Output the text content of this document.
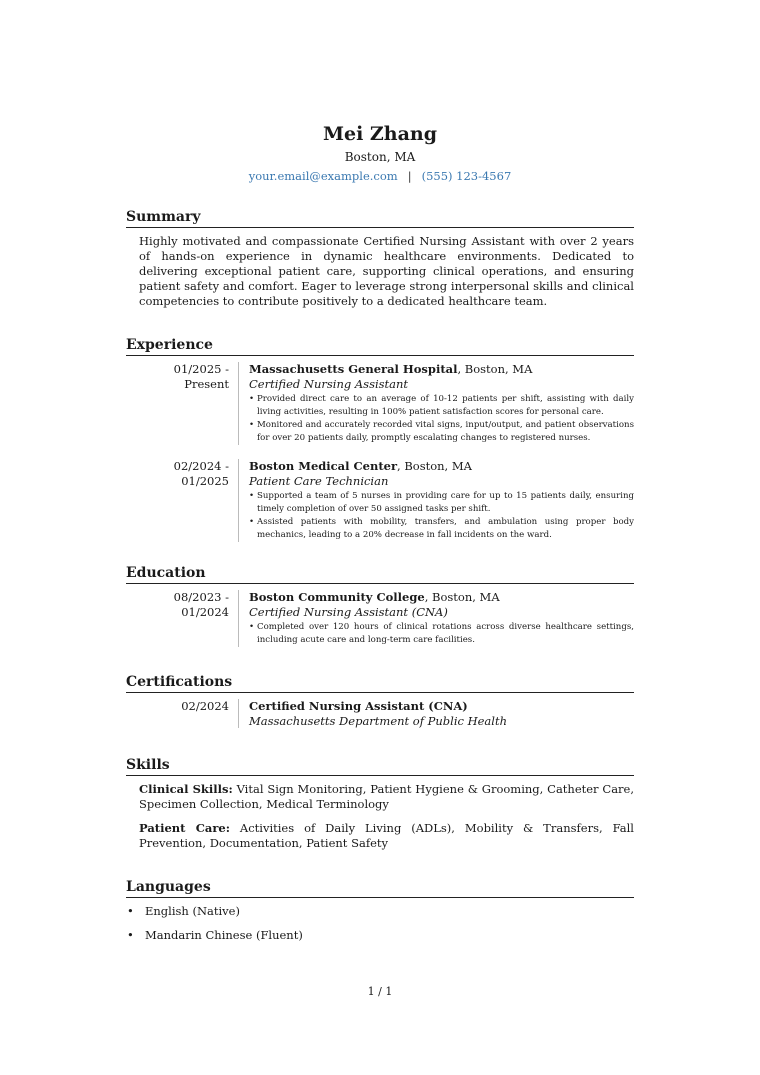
Mei Zhang
Boston, MA
your.email@example.com | (555) 123-4567
Summary

Highly motivated and compassionate Certified Nursing Assistant with over 2 years of hands-on experience in dynamic healthcare environments. Dedicated to delivering exceptional patient care, supporting clinical operations, and ensuring patient safety and comfort. Eager to leverage strong interpersonal skills and clinical competencies to contribute positively to a dedicated healthcare team.

Experience
01/2025 - Present
Massachusetts General Hospital, Boston, MA
Certified Nursing Assistant
• Provided direct care to an average of 10-12 patients per shift, assisting with daily living activities, resulting in 100% patient satisfaction scores for personal care.
• Monitored and accurately recorded vital signs, input/output, and patient observations for over 20 patients daily, promptly escalating changes to registered nurses.
02/2024 - 01/2025
Boston Medical Center, Boston, MA
Patient Care Technician
• Supported a team of 5 nurses in providing care for up to 15 patients daily, ensuring timely completion of over 50 assigned tasks per shift.
• Assisted patients with mobility, transfers, and ambulation using proper body mechanics, leading to a 20% decrease in fall incidents on the ward.
Education
08/2023 - 01/2024
Boston Community College, Boston, MA
Certified Nursing Assistant (CNA)
• Completed over 120 hours of clinical rotations across diverse healthcare settings, including acute care and long-term care facilities.
Certifications
02/2024	Certified Nursing Assistant (CNA)
Massachusetts Department of Public Health
Skills

Clinical Skills: Vital Sign Monitoring, Patient Hygiene & Grooming, Catheter Care, Specimen Collection, Medical Terminology

Patient Care: Activities of Daily Living (ADLs), Mobility & Transfers, Fall Prevention, Documentation, Patient Safety

Languages
• English (Native)
• Mandarin Chinese (Fluent)
1 / 1
